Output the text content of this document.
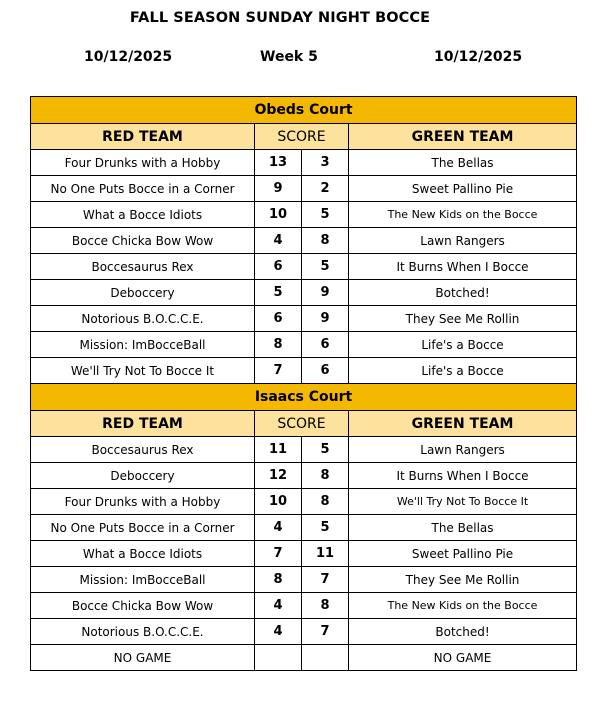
FALL SEASON SUNDAY NIGHT BOCCE
10/12/2025	Week 5	10/12/2025
Obeds Court			
RED TEAM	SCORE		GREEN TEAM
Four Drunks with a Hobby	13	3	The Bellas
No One Puts Bocce in a Corner	9	2	Sweet Pallino Pie
What a Bocce Idiots	10	5	The New Kids on the Bocce
Bocce Chicka Bow Wow	4	8	Lawn Rangers
Boccesaurus Rex	6	5	It Burns When I Bocce
Deboccery	5	9	Botched!
Notorious B.O.C.C.E.	6	9	They See Me Rollin
Mission: ImBocceBall	8	6	Life's a Bocce
We'll Try Not To Bocce It	7	6	Life's a Bocce
Isaacs Court			
RED TEAM	SCORE		GREEN TEAM
Boccesaurus Rex	11	5	Lawn Rangers
Deboccery	12	8	It Burns When I Bocce
Four Drunks with a Hobby	10	8	We'll Try Not To Bocce It
No One Puts Bocce in a Corner	4	5	The Bellas
What a Bocce Idiots	7	11	Sweet Pallino Pie
Mission: ImBocceBall	8	7	They See Me Rollin
Bocce Chicka Bow Wow	4	8	The New Kids on the Bocce
Notorious B.O.C.C.E.	4	7	Botched!
NO GAME			NO GAME
